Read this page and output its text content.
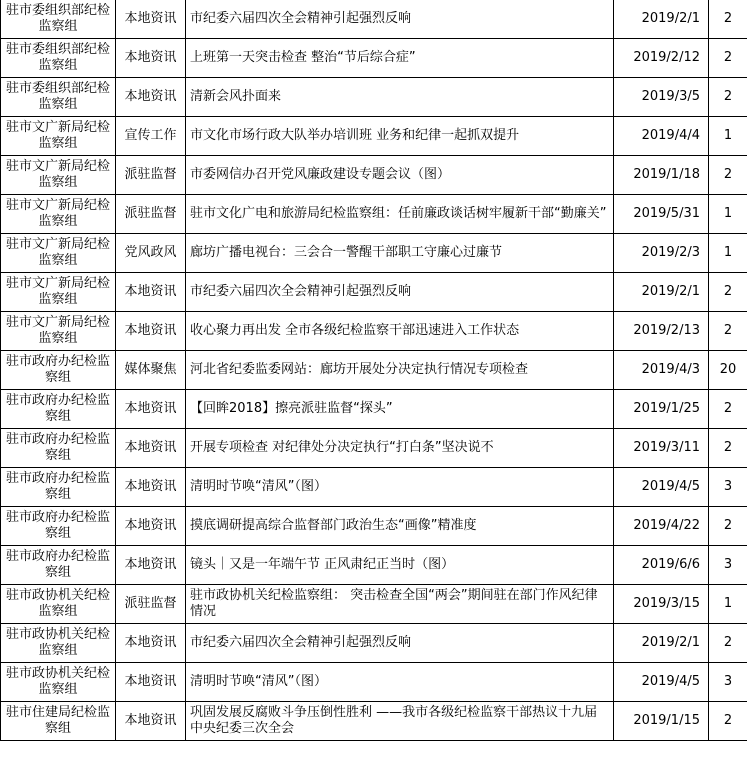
驻市委组织部纪检监察组	本地资讯	市纪委六届四次全会精神引起强烈反响	2019/2/1	2
驻市委组织部纪检监察组	本地资讯	上班第一天突击检查 整治“节后综合症”	2019/2/12	2
驻市委组织部纪检监察组	本地资讯	清新会风扑面来	2019/3/5	2
驻市文广新局纪检监察组	宣传工作	市文化市场行政大队举办培训班 业务和纪律一起抓双提升	2019/4/4	1
驻市文广新局纪检监察组	派驻监督	市委网信办召开党风廉政建设专题会议（图）	2019/1/18	2
驻市文广新局纪检监察组	派驻监督	驻市文化广电和旅游局纪检监察组：任前廉政谈话树牢履新干部“勤廉关”	2019/5/31	1
驻市文广新局纪检监察组	党风政风	廊坊广播电视台：三会合一警醒干部职工守廉心过廉节	2019/2/3	1
驻市文广新局纪检监察组	本地资讯	市纪委六届四次全会精神引起强烈反响	2019/2/1	2
驻市文广新局纪检监察组	本地资讯	收心聚力再出发 全市各级纪检监察干部迅速进入工作状态	2019/2/13	2
驻市政府办纪检监察组	媒体聚焦	河北省纪委监委网站：廊坊开展处分决定执行情况专项检查	2019/4/3	20
驻市政府办纪检监察组	本地资讯	【回眸2018】擦亮派驻监督“探头”	2019/1/25	2
驻市政府办纪检监察组	本地资讯	开展专项检查 对纪律处分决定执行“打白条”坚决说不	2019/3/11	2
驻市政府办纪检监察组	本地资讯	清明时节唤“清风”（图）	2019/4/5	3
驻市政府办纪检监察组	本地资讯	摸底调研提高综合监督部门政治生态“画像”精准度	2019/4/22	2
驻市政府办纪检监察组	本地资讯	镜头｜又是一年端午节 正风肃纪正当时（图）	2019/6/6	3
驻市政协机关纪检监察组	派驻监督	驻市政协机关纪检监察组： 突击检查全国“两会”期间驻在部门作风纪律情况	2019/3/15	1
驻市政协机关纪检监察组	本地资讯	市纪委六届四次全会精神引起强烈反响	2019/2/1	2
驻市政协机关纪检监察组	本地资讯	清明时节唤“清风”（图）	2019/4/5	3
驻市住建局纪检监察组	本地资讯	巩固发展反腐败斗争压倒性胜利 ——我市各级纪检监察干部热议十九届中央纪委三次全会	2019/1/15	2
